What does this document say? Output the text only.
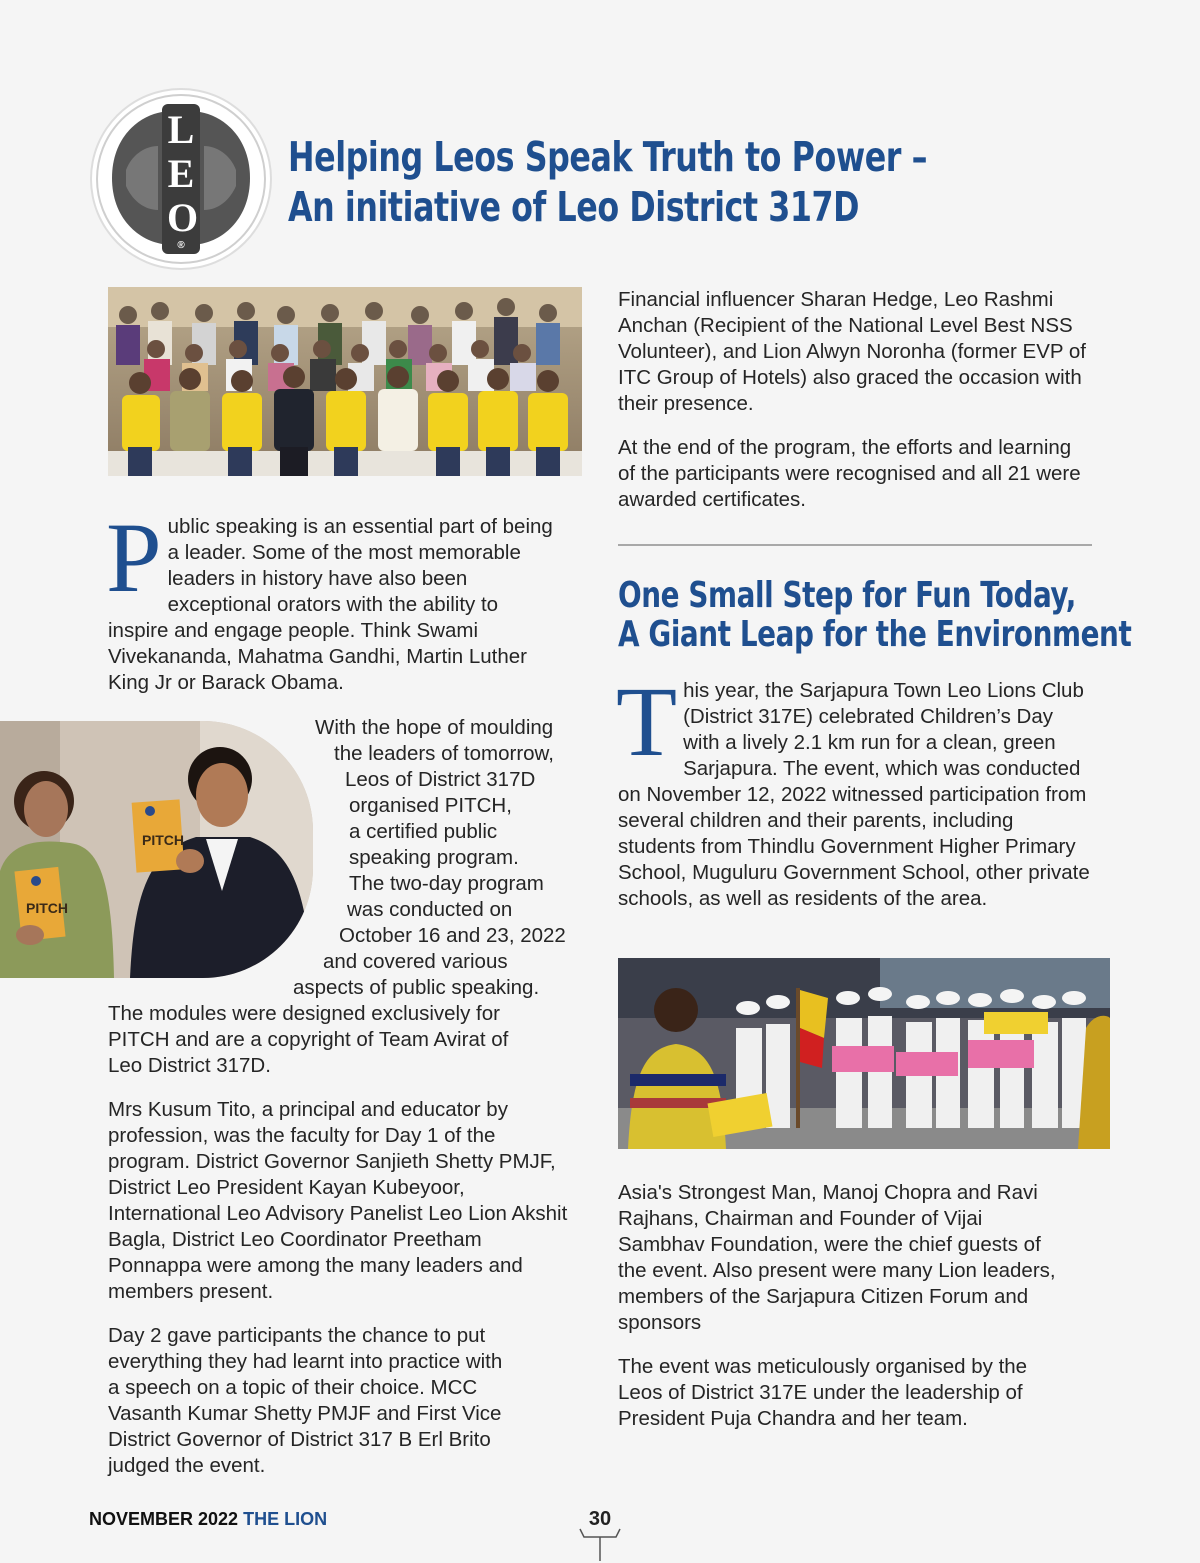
LEO
®
Helping Leos Speak Truth to Power –
An initiative of Leo District 317D
P ublic speaking is an essential part of being a leader. Some of the most memorable leaders in history have also been exceptional orators with the ability to inspire and engage people. Think Swami Vivekananda, Mahatma Gandhi, Martin Luther King Jr or Barack Obama.
PITCH
PITCH
With the hope of moulding
the leaders of tomorrow,
Leos of District 317D
organised PITCH,
a certified public
speaking program.
The two-day program
was conducted on
October 16 and 23, 2022
and covered various
aspects of public speaking.

The modules were designed exclusively for PITCH and are a copyright of Team Avirat of Leo District 317D.

Mrs Kusum Tito, a principal and educator by profession, was the faculty for Day 1 of the program. District Governor Sanjieth Shetty PMJF, District Leo President Kayan Kubeyoor, International Leo Advisory Panelist Leo Lion Akshit Bagla, District Leo Coordinator Preetham Ponnappa were among the many leaders and members present.

Day 2 gave participants the chance to put everything they had learnt into practice with a speech on a topic of their choice. MCC Vasanth Kumar Shetty PMJF and First Vice District Governor of District 317 B Erl Brito judged the event.

Financial influencer Sharan Hedge, Leo Rashmi Anchan (Recipient of the National Level Best NSS Volunteer), and Lion Alwyn Noronha (former EVP of ITC Group of Hotels) also graced the occasion with their presence.

At the end of the program, the efforts and learning of the participants were recognised and all 21 were awarded certificates.

One Small Step for Fun Today,
A Giant Leap for the Environment
T his year, the Sarjapura Town Leo Lions Club (District 317E) celebrated Children’s Day with a lively 2.1 km run for a clean, green Sarjapura. The event, which was conducted on November 12, 2022 witnessed participation from several children and their parents, including students from Thindlu Government Higher Primary School, Muguluru Government School, other private schools, as well as residents of the area.

Asia's Strongest Man, Manoj Chopra and Ravi Rajhans, Chairman and Founder of Vijai Sambhav Foundation, were the chief guests of the event. Also present were many Lion leaders, members of the Sarjapura Citizen Forum and sponsors

The event was meticulously organised by the Leos of District 317E under the leadership of President Puja Chandra and her team.

NOVEMBER 2022 THE LION	30
